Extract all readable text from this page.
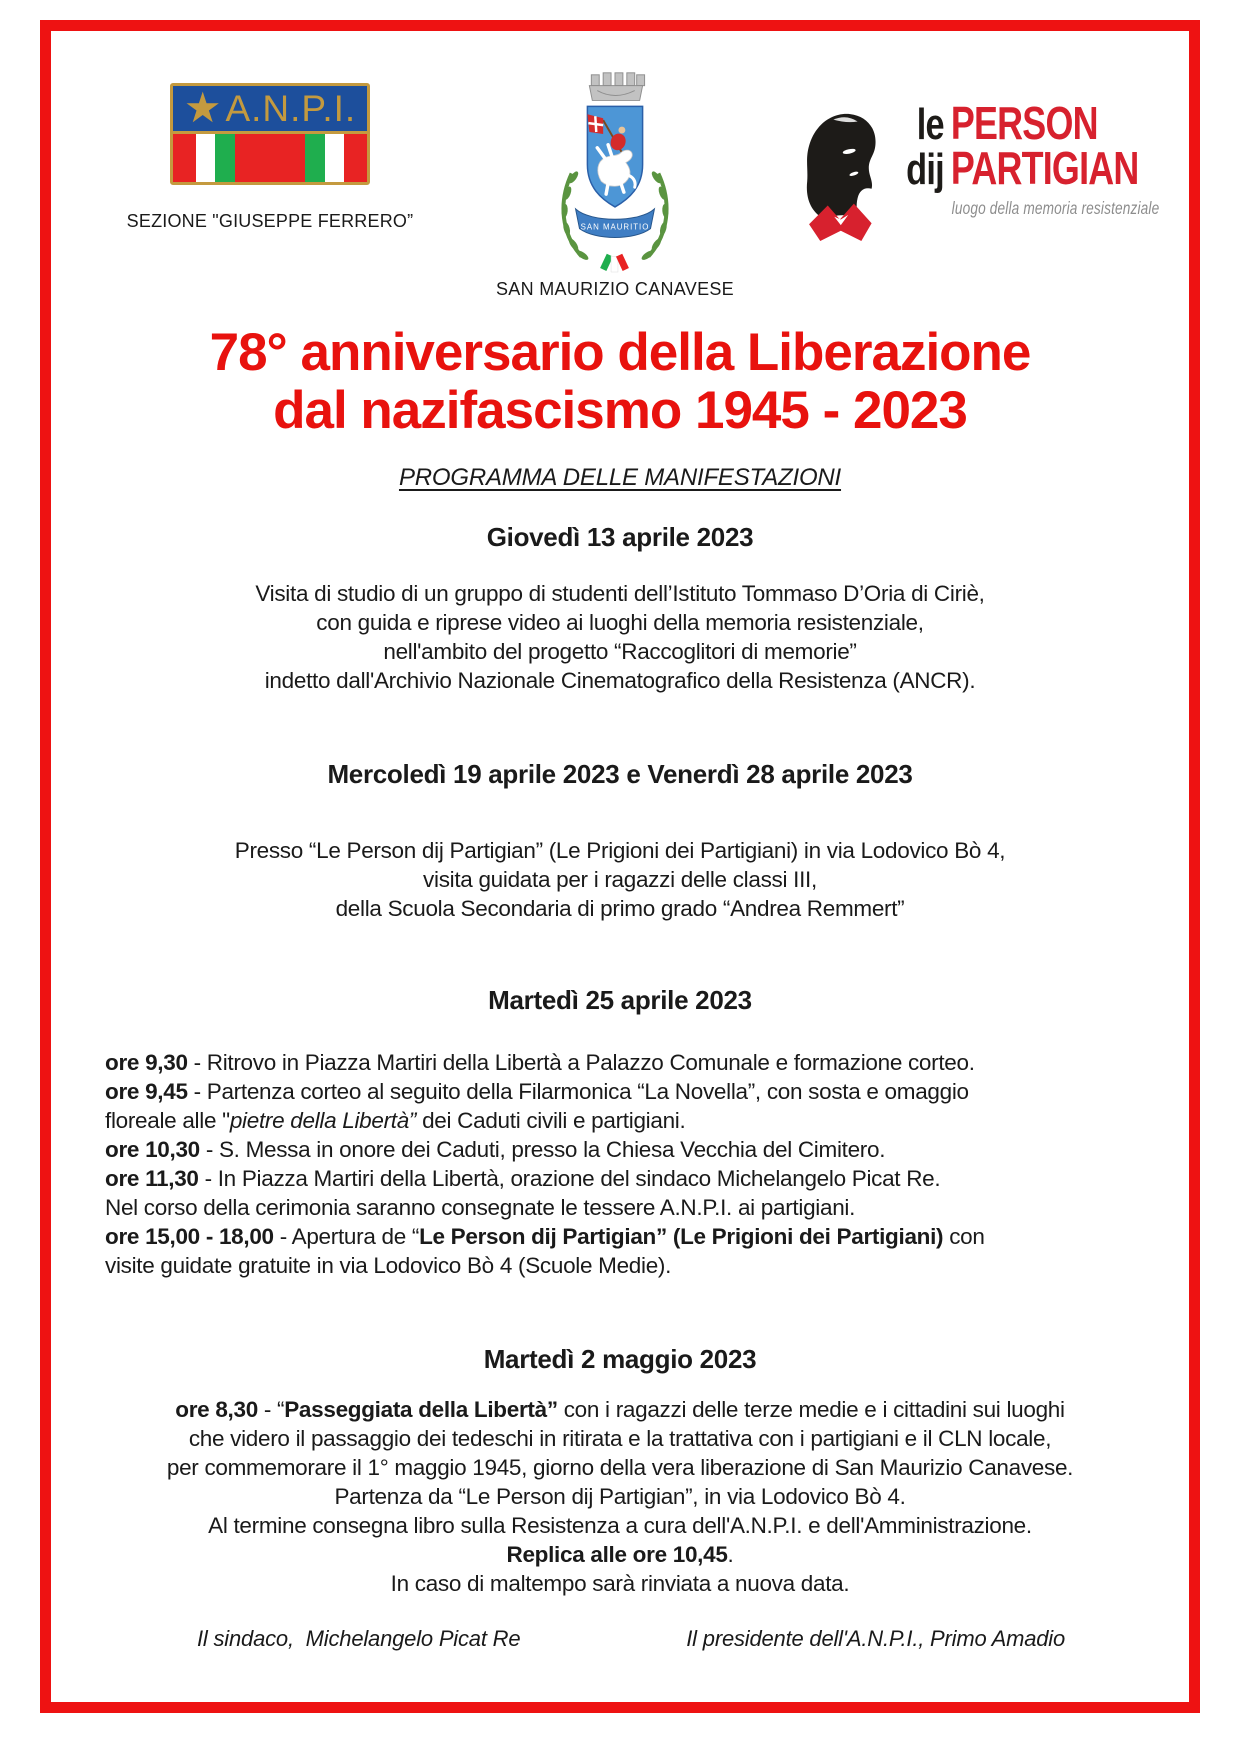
★ A.N.P.I.
SEZIONE "GIUSEPPE FERRERO”	SAN MAURITIO
SAN MAURIZIO CANAVESE
le PERSON
dij PARTIGIAN
luogo della memoria resistenziale
78° anniversario della Liberazione
dal nazifascismo 1945 - 2023
PROGRAMMA DELLE MANIFESTAZIONI
Giovedì 13 aprile 2023
Visita di studio di un gruppo di studenti dell’Istituto Tommaso D’Oria di Ciriè,
con guida e riprese video ai luoghi della memoria resistenziale,
nell'ambito del progetto “Raccoglitori di memorie”
indetto dall'Archivio Nazionale Cinematografico della Resistenza (ANCR).
Mercoledì 19 aprile 2023 e Venerdì 28 aprile 2023
Presso “Le Person dij Partigian” (Le Prigioni dei Partigiani) in via Lodovico Bò 4,
visita guidata per i ragazzi delle classi III,
della Scuola Secondaria di primo grado “Andrea Remmert”
Martedì 25 aprile 2023
ore 9,30 - Ritrovo in Piazza Martiri della Libertà a Palazzo Comunale e formazione corteo.
ore 9,45 - Partenza corteo al seguito della Filarmonica “La Novella”, con sosta e omaggio
floreale alle "pietre della Libertà” dei Caduti civili e partigiani.
ore 10,30 - S. Messa in onore dei Caduti, presso la Chiesa Vecchia del Cimitero.
ore 11,30 - In Piazza Martiri della Libertà, orazione del sindaco Michelangelo Picat Re.
Nel corso della cerimonia saranno consegnate le tessere A.N.P.I. ai partigiani.
ore 15,00 - 18,00 - Apertura de “Le Person dij Partigian” (Le Prigioni dei Partigiani) con
visite guidate gratuite in via Lodovico Bò 4 (Scuole Medie).
Martedì 2 maggio 2023
ore 8,30 - “Passeggiata della Libertà” con i ragazzi delle terze medie e i cittadini sui luoghi
che videro il passaggio dei tedeschi in ritirata e la trattativa con i partigiani e il CLN locale,
per commemorare il 1° maggio 1945, giorno della vera liberazione di San Maurizio Canavese.
Partenza da “Le Person dij Partigian”, in via Lodovico Bò 4.
Al termine consegna libro sulla Resistenza a cura dell'A.N.P.I. e dell'Amministrazione.
Replica alle ore 10,45.
In caso di maltempo sarà rinviata a nuova data.
Il sindaco,  Michelangelo Picat Re	Il presidente dell'A.N.P.I., Primo Amadio
